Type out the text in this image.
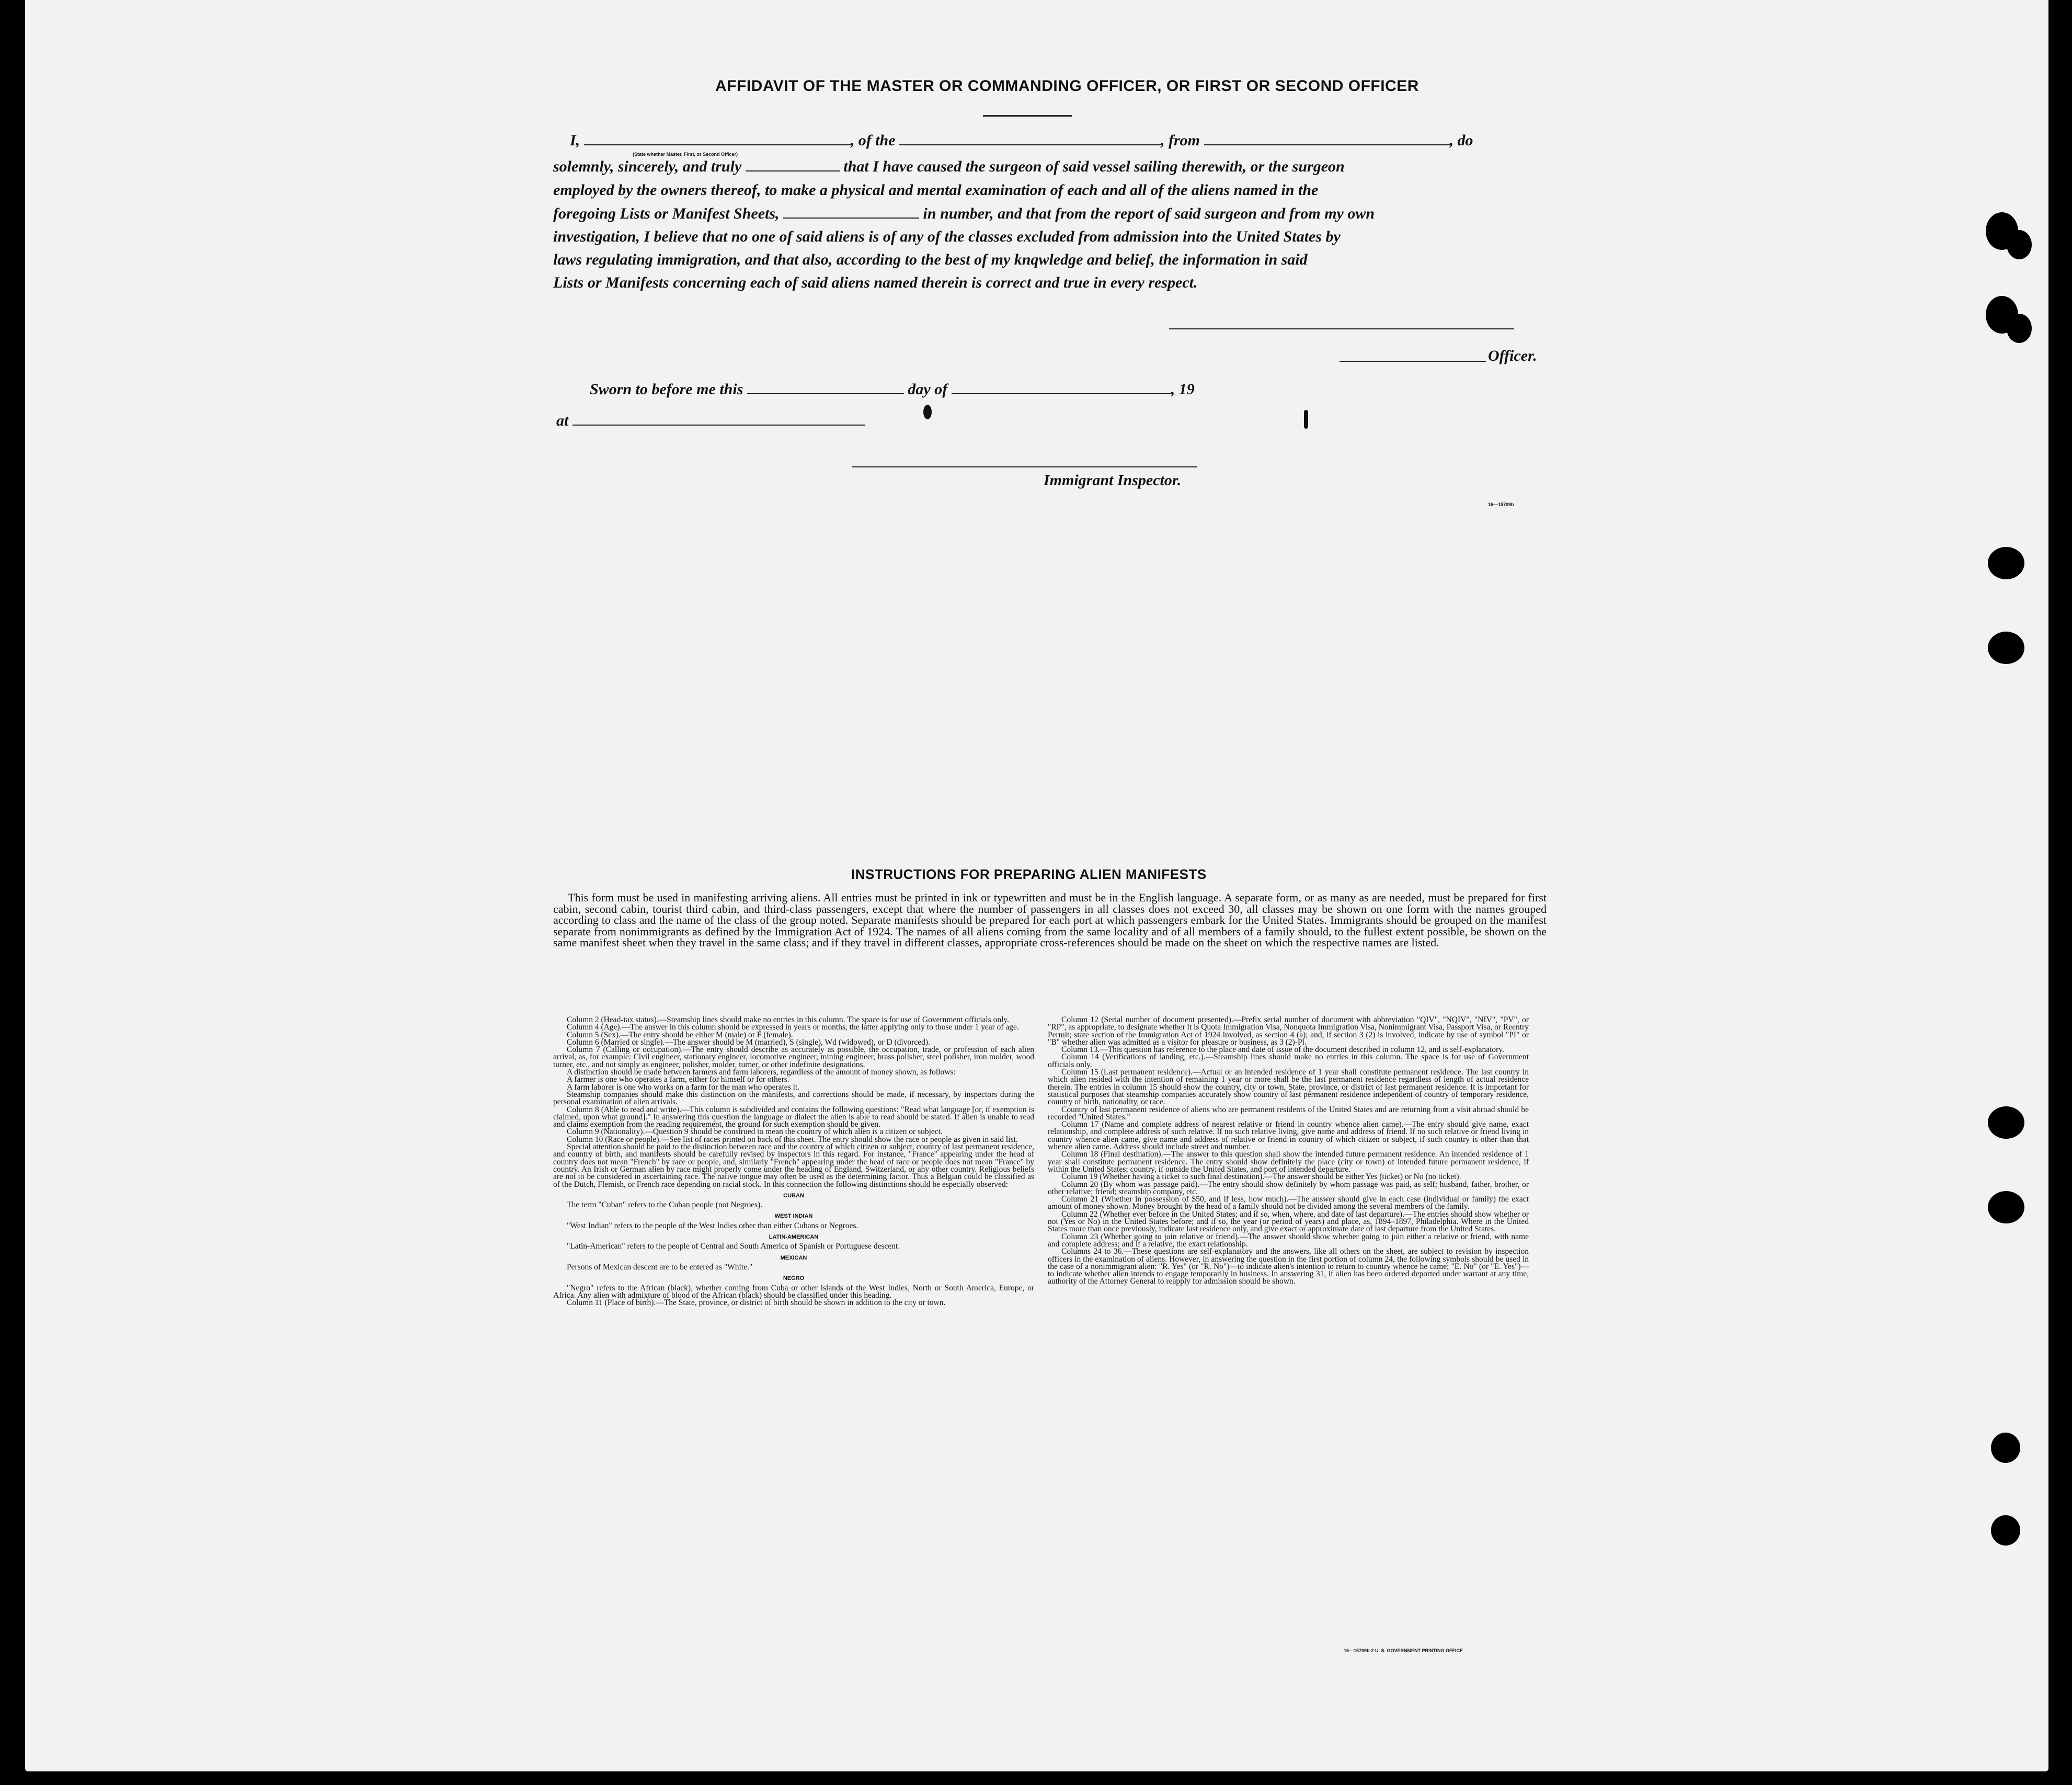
AFFIDAVIT OF THE MASTER OR COMMANDING OFFICER, OR FIRST OR SECOND OFFICER
I,	, of the	, from	, do
(State whether Master, First, or Second Officer)
solemnly, sincerely, and truly	that I have caused the surgeon of said vessel sailing therewith, or the surgeon
employed by the owners thereof, to make a physical and mental examination of each and all of the aliens named in the
foregoing Lists or Manifest Sheets,	in number, and that from the report of said surgeon and from my own
investigation, I believe that no one of said aliens is of any of the classes excluded from admission into the United States by
laws regulating immigration, and that also, according to the best of my knqwledge and belief, the information in said
Lists or Manifests concerning each of said aliens named therein is correct and true in every respect.
Officer.
Sworn to before me this	day of	, 19
at
Immigrant Inspector.
16—15709b
INSTRUCTIONS FOR PREPARING ALIEN MANIFESTS
This form must be used in manifesting arriving aliens. All entries must be printed in ink or typewritten and must be in the English language. A separate form, or as many as are needed, must be prepared for first cabin, second cabin, tourist third cabin, and third-class passengers, except that where the number of passengers in all classes does not exceed 30, all classes may be shown on one form with the names grouped according to class and the name of the class of the group noted. Separate manifests should be prepared for each port at which passengers embark for the United States. Immigrants should be grouped on the manifest separate from nonimmigrants as defined by the Immigration Act of 1924. The names of all aliens coming from the same locality and of all members of a family should, to the fullest extent possible, be shown on the same manifest sheet when they travel in the same class; and if they travel in different classes, appropriate cross-references should be made on the sheet on which the respective names are listed.

Column 2 (Head-tax status).—Steamship lines should make no entries in this column. The space is for use of Government officials only.

Column 4 (Age).—The answer in this column should be expressed in years or months, the latter applying only to those under 1 year of age.

Column 5 (Sex).—The entry should be either M (male) or F (female).

Column 6 (Married or single).—The answer should be M (married), S (single), Wd (widowed), or D (divorced).

Column 7 (Calling or occupation).—The entry should describe as accurately as possible, the occupation, trade, or profession of each alien arrival, as, for example: Civil engineer, stationary engineer, locomotive engineer, mining engineer, brass polisher, steel polisher, iron molder, wood turner, etc., and not simply as engineer, polisher, molder, turner, or other indefinite designations.

A distinction should be made between farmers and farm laborers, regardless of the amount of money shown, as follows:

A farmer is one who operates a farm, either for himself or for others.

A farm laborer is one who works on a farm for the man who operates it.

Steamship companies should make this distinction on the manifests, and corrections should be made, if necessary, by inspectors during the personal examination of alien arrivals.

Column 8 (Able to read and write).—This column is subdivided and contains the following questions: "Read what language [or, if exemption is claimed, upon what ground]." In answering this question the language or dialect the alien is able to read should be stated. If alien is unable to read and claims exemption from the reading requirement, the ground for such exemption should be given.

Column 9 (Nationality).—Question 9 should be construed to mean the country of which alien is a citizen or subject.

Column 10 (Race or people).—See list of races printed on back of this sheet. The entry should show the race or people as given in said list.

Special attention should be paid to the distinction between race and the country of which citizen or subject, country of last permanent residence, and country of birth, and manifests should be carefully revised by inspectors in this regard. For instance, "France" appearing under the head of country does not mean "French" by race or people, and, similarly "French" appearing under the head of race or people does not mean "France" by country. An Irish or German alien by race might properly come under the heading of England, Switzerland, or any other country. Religious beliefs are not to be considered in ascertaining race. The native tongue may often be used as the determining factor. Thus a Belgian could be classified as of the Dutch, Flemish, or French race depending on racial stock. In this connection the following distinctions should be especially observed:

CUBAN

The term "Cuban" refers to the Cuban people (not Negroes).

WEST INDIAN

"West Indian" refers to the people of the West Indies other than either Cubans or Negroes.

LATIN-AMERICAN

"Latin-American" refers to the people of Central and South America of Spanish or Portuguese descent.

MEXICAN

Persons of Mexican descent are to be entered as "White."

NEGRO

"Negro" refers to the African (black), whether coming from Cuba or other islands of the West Indies, North or South America, Europe, or Africa. Any alien with admixture of blood of the African (black) should be classified under this heading.

Column 11 (Place of birth).—The State, province, or district of birth should be shown in addition to the city or town.

Column 12 (Serial number of document presented).—Prefix serial number of document with abbreviation "QIV", "NQIV", "NIV", "PV", or "RP", as appropriate, to designate whether it is Quota Immigration Visa, Nonquota Immigration Visa, Nonimmigrant Visa, Passport Visa, or Reentry Permit; state section of the Immigration Act of 1924 involved, as section 4 (a); and, if section 3 (2) is involved, indicate by use of symbol "PI" or "B" whether alien was admitted as a visitor for pleasure or business, as 3 (2)-Pl.

Column 13.—This question has reference to the place and date of issue of the document described in column 12, and is self-explanatory.

Column 14 (Verifications of landing, etc.).—Steamship lines should make no entries in this column. The space is for use of Government officials only.

Column 15 (Last permanent residence).—Actual or an intended residence of 1 year shall constitute permanent residence. The last country in which alien resided with the intention of remaining 1 year or more shall be the last permanent residence regardless of length of actual residence therein. The entries in column 15 should show the country, city or town, State, province, or district of last permanent residence. It is important for statistical purposes that steamship companies accurately show country of last permanent residence independent of country of temporary residence, country of birth, nationality, or race.

Country of last permanent residence of aliens who are permanent residents of the United States and are returning from a visit abroad should be recorded "United States."

Column 17 (Name and complete address of nearest relative or friend in country whence alien came).—The entry should give name, exact relationship, and complete address of such relative. If no such relative living, give name and address of friend. If no such relative or friend living in country whence alien came, give name and address of relative or friend in country of which citizen or subject, if such country is other than that whence alien came. Address should include street and number.

Column 18 (Final destination).—The answer to this question shall show the intended future permanent residence. An intended residence of 1 year shall constitute permanent residence. The entry should show definitely the place (city or town) of intended future permanent residence, if within the United States; country, if outside the United States, and port of intended departure.

Column 19 (Whether having a ticket to such final destination).—The answer should be either Yes (ticket) or No (no ticket).

Column 20 (By whom was passage paid).—The entry should show definitely by whom passage was paid, as self; husband, father, brother, or other relative; friend; steamship company, etc.

Column 21 (Whether in possession of $50, and if less, how much).—The answer should give in each case (individual or family) the exact amount of money shown. Money brought by the head of a family should not be divided among the several members of the family.

Column 22 (Whether ever before in the United States; and if so, when, where, and date of last departure).—The entries should show whether or not (Yes or No) in the United States before; and if so, the year (or period of years) and place, as, 1894–1897, Philadelphia. Where in the United States more than once previously, indicate last residence only, and give exact or approximate date of last departure from the United States.

Column 23 (Whether going to join relative or friend).—The answer should show whether going to join either a relative or friend, with name and complete address; and if a relative, the exact relationship.

Columns 24 to 36.—These questions are self-explanatory and the answers, like all others on the sheet, are subject to revision by inspection officers in the examination of aliens. However, in answering the question in the first portion of column 24, the following symbols should be used in the case of a nonimmigrant alien: "R. Yes" (or "R. No")—to indicate alien's intention to return to country whence he came; "E. No" (or "E. Yes")—to indicate whether alien intends to engage temporarily in business. In answering 31, if alien has been ordered deported under warrant at any time, authority of the Attorney General to reapply for admission should be shown.

16—15709b-2 U. S. GOVERNMENT PRINTING OFFICE
